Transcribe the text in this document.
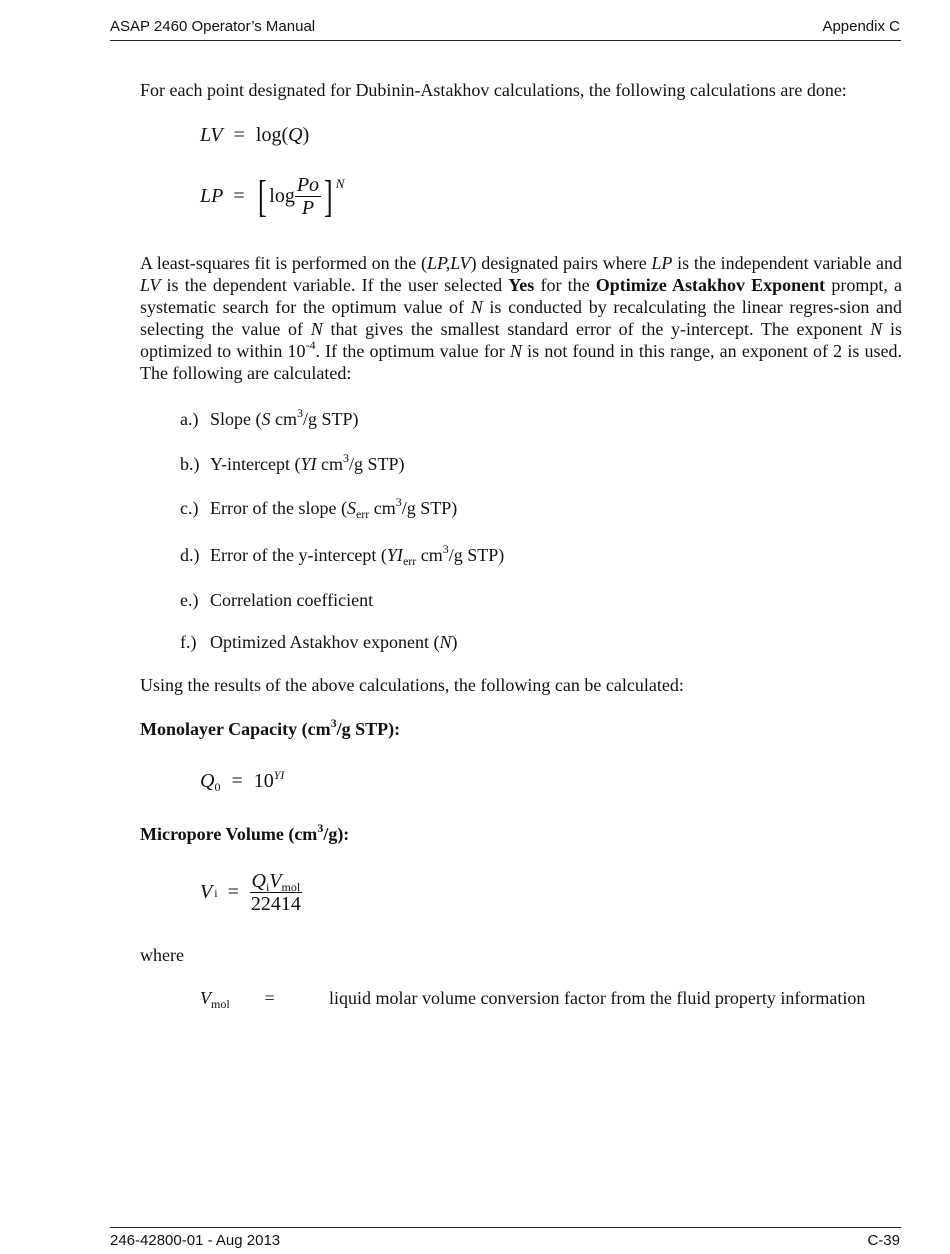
ASAP 2460 Operator’s Manual	Appendix C
For each point designated for Dubinin-Astakhov calculations, the following calculations are done:
LV = log(Q)
LP = [ $\log \frac{Po}{P}$ ] N
A least-squares fit is performed on the (LP,LV) designated pairs where LP is the independent variable and LV is the dependent variable. If the user selected Yes for the Optimize Astakhov Exponent prompt, a systematic search for the optimum value of N is conducted by recalculating the linear regres-sion and selecting the value of N that gives the smallest standard error of the y-intercept. The exponent N is optimized to within $10^{-4}$. If the optimum value for N is not found in this range, an exponent of 2 is used. The following are calculated:
a.) Slope (S $cm^3/g$ STP)
b.) Y-intercept (YI $cm^3/g$ STP)
c.) Error of the slope ($S_{err}$ $cm^3/g$ STP)
d.) Error of the y-intercept ($YI_{err}$ $cm^3/g$ STP)
e.) Correlation coefficient
f.) Optimized Astakhov exponent (N)
Using the results of the above calculations, the following can be calculated:
Monolayer Capacity ($cm^3/g$ STP):
$Q_0 = 10^{YI}$
Micropore Volume $(cm^3/g)$:
V $i = \frac{Q_iV_{mol}}{22414}$
where
$V_{mol}$ =	liquid molar volume conversion factor from the fluid property information
246-42800-01 - Aug 2013	C-39
